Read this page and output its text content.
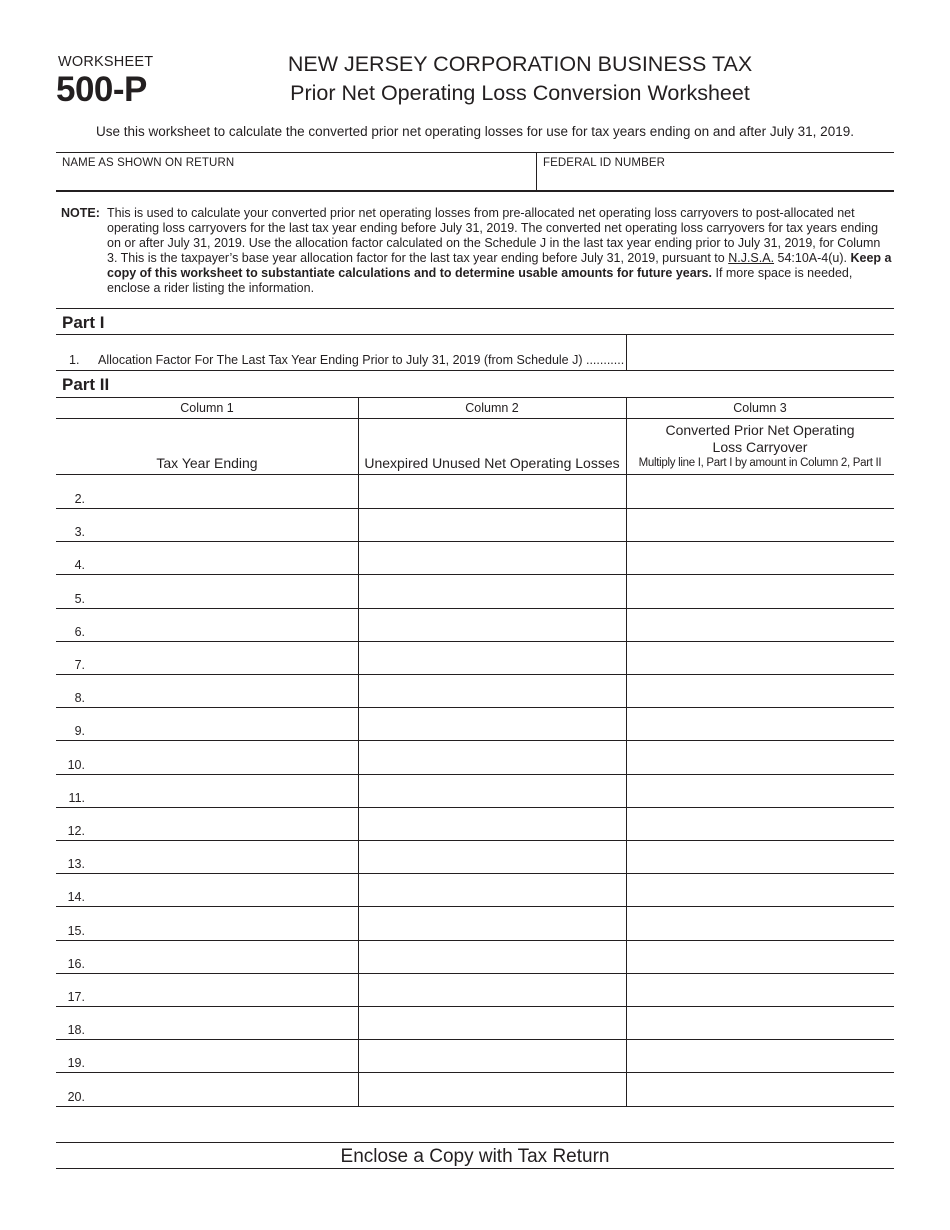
WORKSHEET
500-P
NEW JERSEY CORPORATION BUSINESS TAX
Prior Net Operating Loss Conversion Worksheet
Use this worksheet to calculate the converted prior net operating losses for use for tax years ending on and after July 31, 2019.
NAME AS SHOWN ON RETURN	FEDERAL ID NUMBER
NOTE: This is used to calculate your converted prior net operating losses from pre-allocated net operating loss carryovers to post-allocated net operating loss carryovers for the last tax year ending before July 31, 2019. The converted net operating loss carryovers for tax years ending on or after July 31, 2019. Use the allocation factor calculated on the Schedule J in the last tax year ending prior to July 31, 2019, for Column 3. This is the taxpayer’s base year allocation factor for the last tax year ending before July 31, 2019, pursuant to N.J.S.A. 54:10A-4(u). Keep a copy of this worksheet to substantiate calculations and to determine usable amounts for future years. If more space is needed, enclose a rider listing the information.
Part I
1. Allocation Factor For The Last Tax Year Ending Prior to July 31, 2019 (from Schedule J) ...........
Part II
Column 1	Column 2	Column 3
Tax Year Ending	Unexpired Unused Net Operating Losses
Converted Prior Net Operating
Loss Carryover
Multiply line I, Part I by amount in Column 2, Part II
2.
3.
4.
5.
6.
7.
8.
9.
10.
11.
12.
13.
14.
15.
16.
17.
18.
19.
20.
Enclose a Copy with Tax Return
